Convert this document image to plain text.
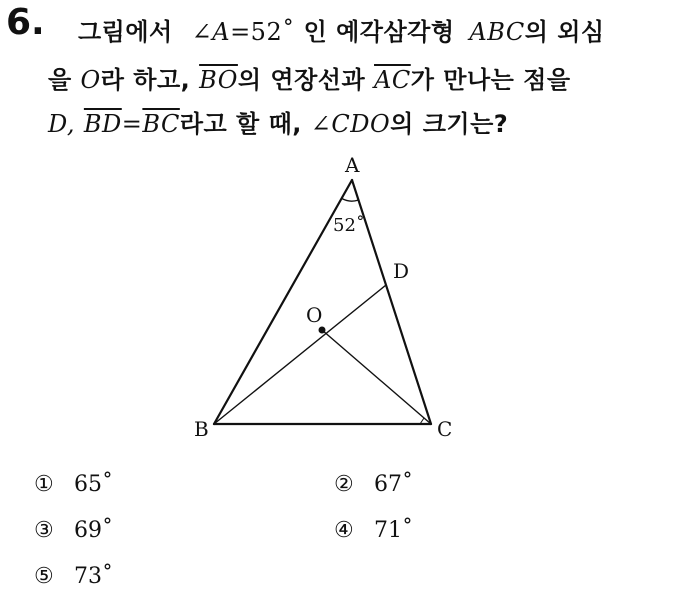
6. 그림에서 ∠A=52˚ 인 예각삼각형 ABC의 외심
을 O라 하고, $\overline{BO}$의 연장선과 $\overline{AC}$가 만나는 점을
D, $\overline{BD}=\overline{BC}$라고 할 때, ∠CDO의 크기는?
A
B	C
D
O
52˚
① 65˚	② 67˚
③ 69˚	④ 71˚
⑤ 73˚
